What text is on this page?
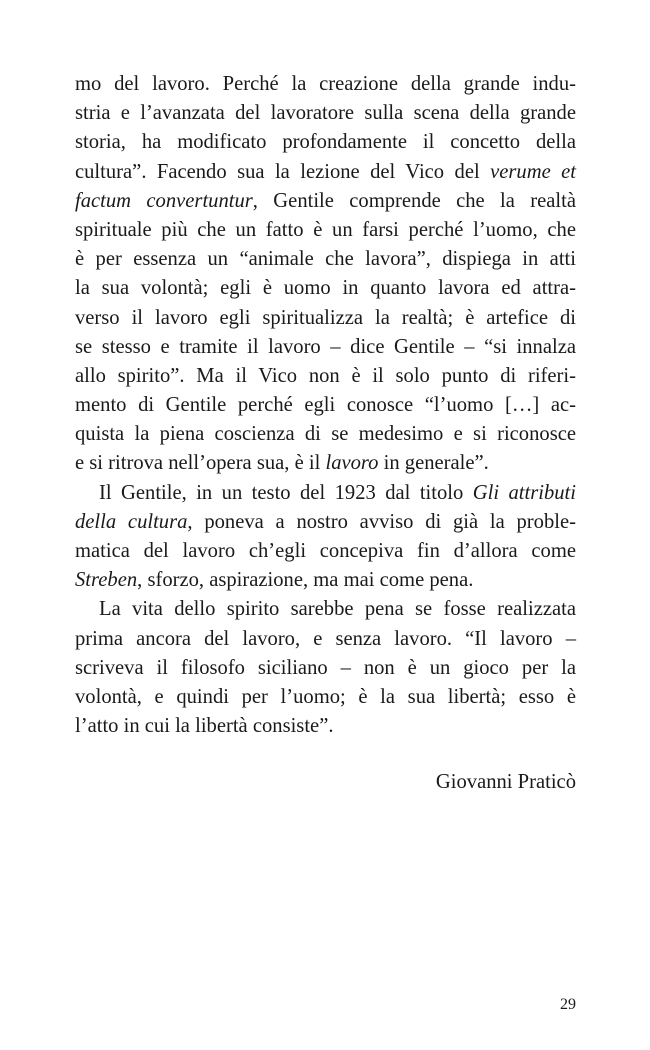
mo del lavoro. Perché la creazione della grande indu-
stria e l’avanzata del lavoratore sulla scena della grande
storia, ha modificato profondamente il concetto della
cultura”. Facendo sua la lezione del Vico del verume et
factum convertuntur, Gentile comprende che la realtà
spirituale più che un fatto è un farsi perché l’uomo, che
è per essenza un “animale che lavora”, dispiega in atti
la sua volontà; egli è uomo in quanto lavora ed attra-
verso il lavoro egli spiritualizza la realtà; è artefice di
se stesso e tramite il lavoro – dice Gentile – “si innalza
allo spirito”. Ma il Vico non è il solo punto di riferi-
mento di Gentile perché egli conosce “l’uomo […] ac-
quista la piena coscienza di se medesimo e si riconosce
e si ritrova nell’opera sua, è il lavoro in generale”.
Il Gentile, in un testo del 1923 dal titolo Gli attributi
della cultura, poneva a nostro avviso di già la proble-
matica del lavoro ch’egli concepiva fin d’allora come
Streben, sforzo, aspirazione, ma mai come pena.
La vita dello spirito sarebbe pena se fosse realizzata
prima ancora del lavoro, e senza lavoro. “Il lavoro –
scriveva il filosofo siciliano – non è un gioco per la
volontà, e quindi per l’uomo; è la sua libertà; esso è
l’atto in cui la libertà consiste”.
Giovanni Praticò
29
